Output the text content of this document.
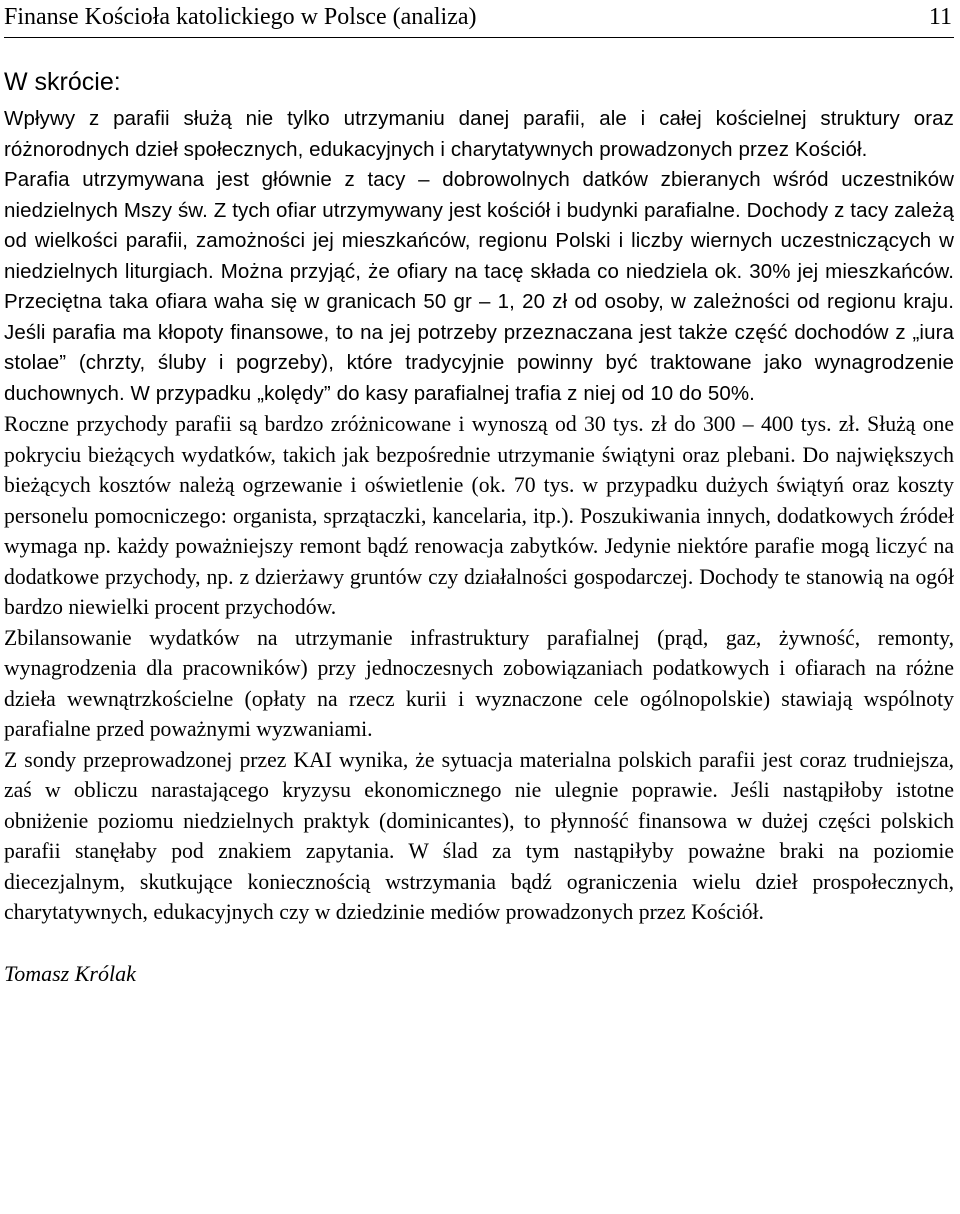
Finanse Kościoła katolickiego w Polsce (analiza)	11
W skrócie:

Wpływy z parafii służą nie tylko utrzymaniu danej parafii, ale i całej kościelnej struktury oraz różnorodnych dzieł społecznych, edukacyjnych i charytatywnych prowadzonych przez Kościół.

Parafia utrzymywana jest głównie z tacy – dobrowolnych datków zbieranych wśród uczestników niedzielnych Mszy św. Z tych ofiar utrzymywany jest kościół i budynki parafialne. Dochody z tacy zależą od wielkości parafii, zamożności jej mieszkańców, regionu Polski i liczby wiernych uczestniczących w niedzielnych liturgiach. Można przyjąć, że ofiary na tacę składa co niedziela ok. 30% jej mieszkańców. Przeciętna taka ofiara waha się w granicach 50 gr – 1, 20 zł od osoby, w zależności od regionu kraju. Jeśli parafia ma kłopoty finansowe, to na jej potrzeby przeznaczana jest także część dochodów z „iura stolae” (chrzty, śluby i pogrzeby), które tradycyjnie powinny być traktowane jako wynagrodzenie duchownych. W przypadku „kolędy” do kasy parafialnej trafia z niej od 10 do 50%.

Roczne przychody parafii są bardzo zróżnicowane i wynoszą od 30 tys. zł do 300 – 400 tys. zł. Służą one pokryciu bieżących wydatków, takich jak bezpośrednie utrzymanie świątyni oraz plebani. Do największych bieżących kosztów należą ogrzewanie i oświetlenie (ok. 70 tys. w przypadku dużych świątyń oraz koszty personelu pomocniczego: organista, sprzątaczki, kancelaria, itp.). Poszukiwania innych, dodatkowych źródeł wymaga np. każdy poważniejszy remont bądź renowacja zabytków. Jedynie niektóre parafie mogą liczyć na dodatkowe przychody, np. z dzierżawy gruntów czy działalności gospodarczej. Dochody te stanowią na ogół bardzo niewielki procent przychodów.

Zbilansowanie wydatków na utrzymanie infrastruktury parafialnej (prąd, gaz, żywność, remonty, wynagrodzenia dla pracowników) przy jednoczesnych zobowiązaniach podatkowych i ofiarach na różne dzieła wewnątrzkościelne (opłaty na rzecz kurii i wyznaczone cele ogólnopolskie) stawiają wspólnoty parafialne przed poważnymi wyzwaniami.

Z sondy przeprowadzonej przez KAI wynika, że sytuacja materialna polskich parafii jest coraz trudniejsza, zaś w obliczu narastającego kryzysu ekonomicznego nie ulegnie poprawie. Jeśli nastąpiłoby istotne obniżenie poziomu niedzielnych praktyk (dominicantes), to płynność finansowa w dużej części polskich parafii stanęłaby pod znakiem zapytania. W ślad za tym nastąpiłyby poważne braki na poziomie diecezjalnym, skutkujące koniecznością wstrzymania bądź ograniczenia wielu dzieł prospołecznych, charytatywnych, edukacyjnych czy w dziedzinie mediów prowadzonych przez Kościół.

Tomasz Królak
